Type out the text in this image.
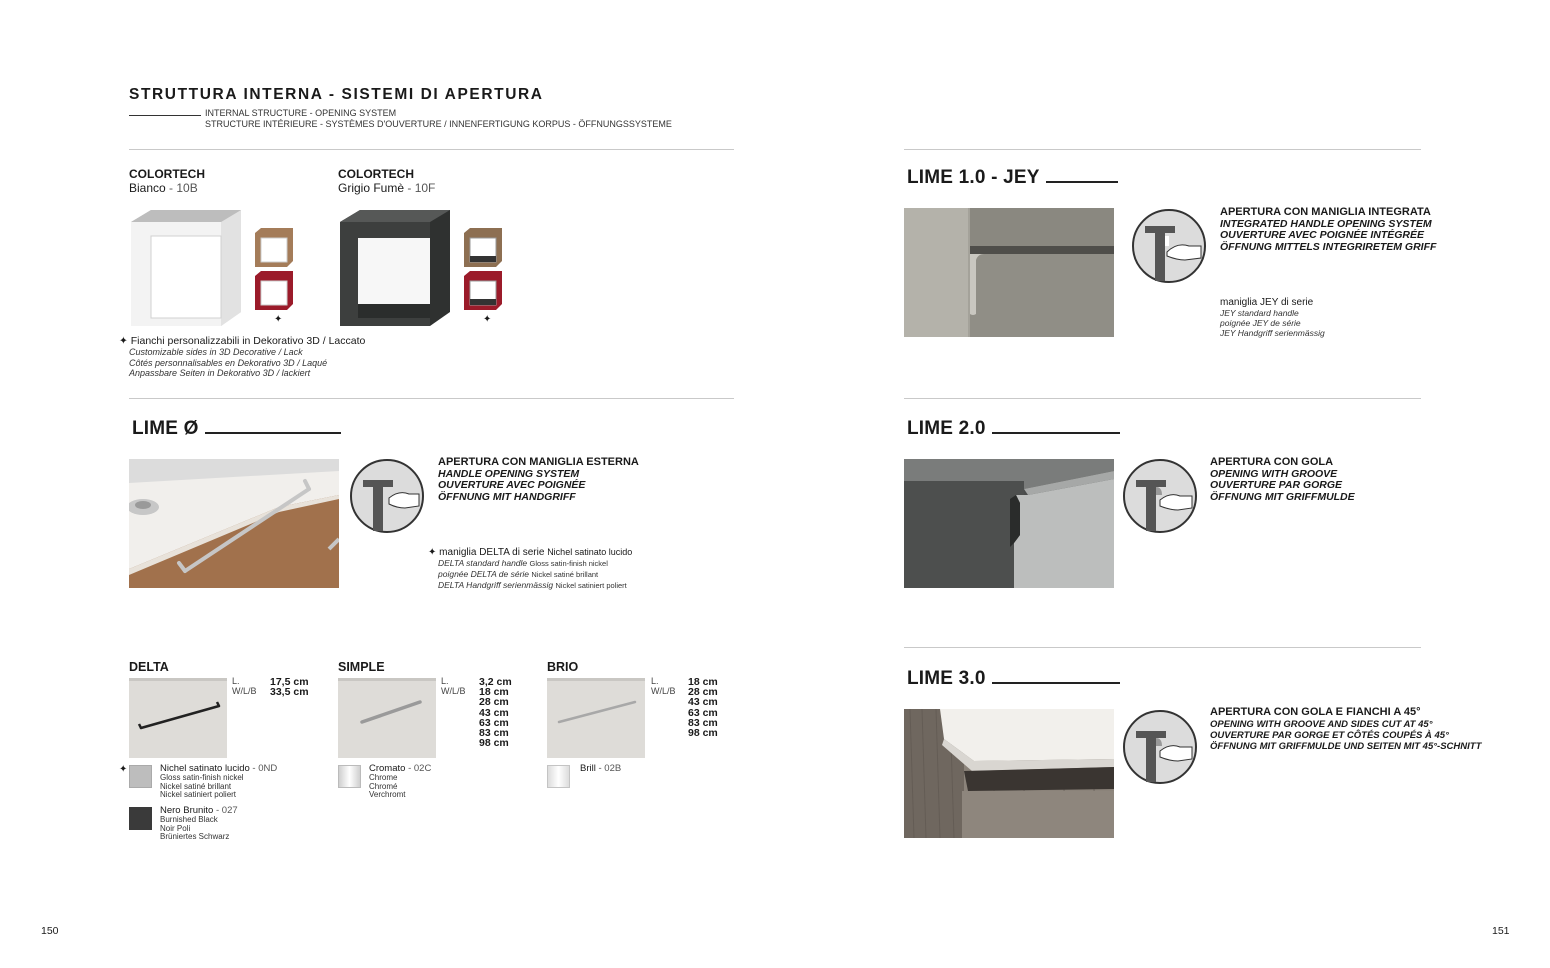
STRUTTURA INTERNA - SISTEMI DI APERTURA
INTERNAL STRUCTURE - OPENING SYSTEM
STRUCTURE INTÉRIEURE - SYSTÈMES D'OUVERTURE / INNENFERTIGUNG KORPUS - ÖFFNUNGSSYSTEME
COLORTECH
Bianco - 10B
✦
COLORTECH
Grigio Fumè - 10F
✦
✦ Fianchi personalizzabili in Dekorativo 3D / Laccato
Customizable sides in 3D Decorative / Lack
Côtés personnalisables en Dekorativo 3D / Laqué
Anpassbare Seiten in Dekorativo 3D / lackiert
LIME Ø
APERTURA CON MANIGLIA ESTERNA
HANDLE OPENING SYSTEM
OUVERTURE AVEC POIGNÉE
ÖFFNUNG MIT HANDGRIFF
✦ maniglia DELTA di serie Nichel satinato lucido
DELTA standard handle Gloss satin-finish nickel
poignée DELTA de série Nickel satiné brillant
DELTA Handgriff serienmässig Nickel satiniert poliert
DELTA
L.
W/L/B
17,5 cm
33,5 cm
✦	Nichel satinato lucido - 0ND
Gloss satin-finish nickel
Nickel satiné brillant
Nickel satiniert poliert
Nero Brunito - 027
Burnished Black
Noir Poli
Brüniertes Schwarz
SIMPLE
L.
W/L/B
3,2 cm
18 cm
28 cm
43 cm
63 cm
83 cm
98 cm
Cromato - 02C
Chrome
Chromé
Verchromt
BRIO
L.
W/L/B
18 cm
28 cm
43 cm
63 cm
83 cm
98 cm
Brill - 02B
150
LIME 1.0 - JEY
APERTURA CON MANIGLIA INTEGRATA
INTEGRATED HANDLE OPENING SYSTEM
OUVERTURE AVEC POIGNÉE INTÉGRÉE
ÖFFNUNG MITTELS INTEGRIRETEM GRIFF
maniglia JEY di serie
JEY standard handle
poignée JEY de série
JEY Handgriff serienmässig
LIME 2.0
APERTURA CON GOLA
OPENING WITH GROOVE
OUVERTURE PAR GORGE
ÖFFNUNG MIT GRIFFMULDE
LIME 3.0
APERTURA CON GOLA E FIANCHI A 45°
OPENING WITH GROOVE AND SIDES CUT AT 45°
OUVERTURE PAR GORGE ET CÔTÉS COUPÉS À 45°
ÖFFNUNG MIT GRIFFMULDE UND SEITEN MIT 45°-SCHNITT
151
